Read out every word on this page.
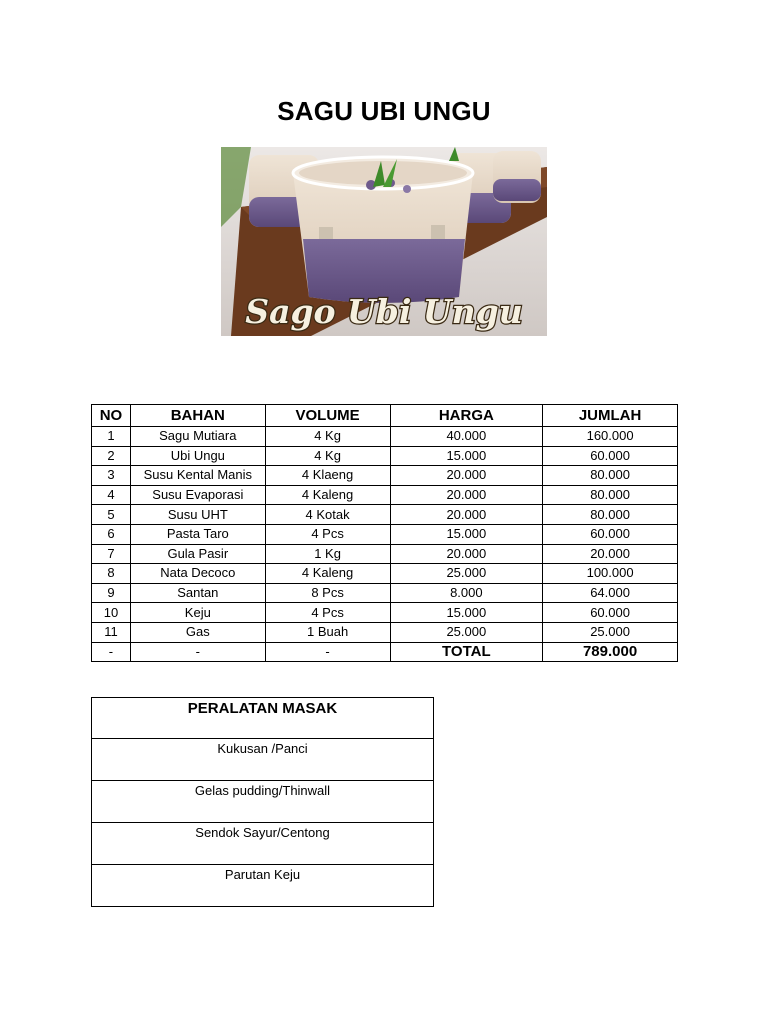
SAGU UBI UNGU
Sago Ubi Ungu
NO	BAHAN	VOLUME	HARGA	JUMLAH
1	Sagu Mutiara	4 Kg	40.000	160.000
2	Ubi Ungu	4 Kg	15.000	60.000
3	Susu Kental Manis	4 Klaeng	20.000	80.000
4	Susu Evaporasi	4 Kaleng	20.000	80.000
5	Susu UHT	4 Kotak	20.000	80.000
6	Pasta Taro	4 Pcs	15.000	60.000
7	Gula Pasir	1 Kg	20.000	20.000
8	Nata Decoco	4 Kaleng	25.000	100.000
9	Santan	8 Pcs	8.000	64.000
10	Keju	4 Pcs	15.000	60.000
11	Gas	1 Buah	25.000	25.000
-	-	-	TOTAL	789.000
PERALATAN MASAK
Kukusan /Panci
Gelas pudding/Thinwall
Sendok Sayur/Centong
Parutan Keju
